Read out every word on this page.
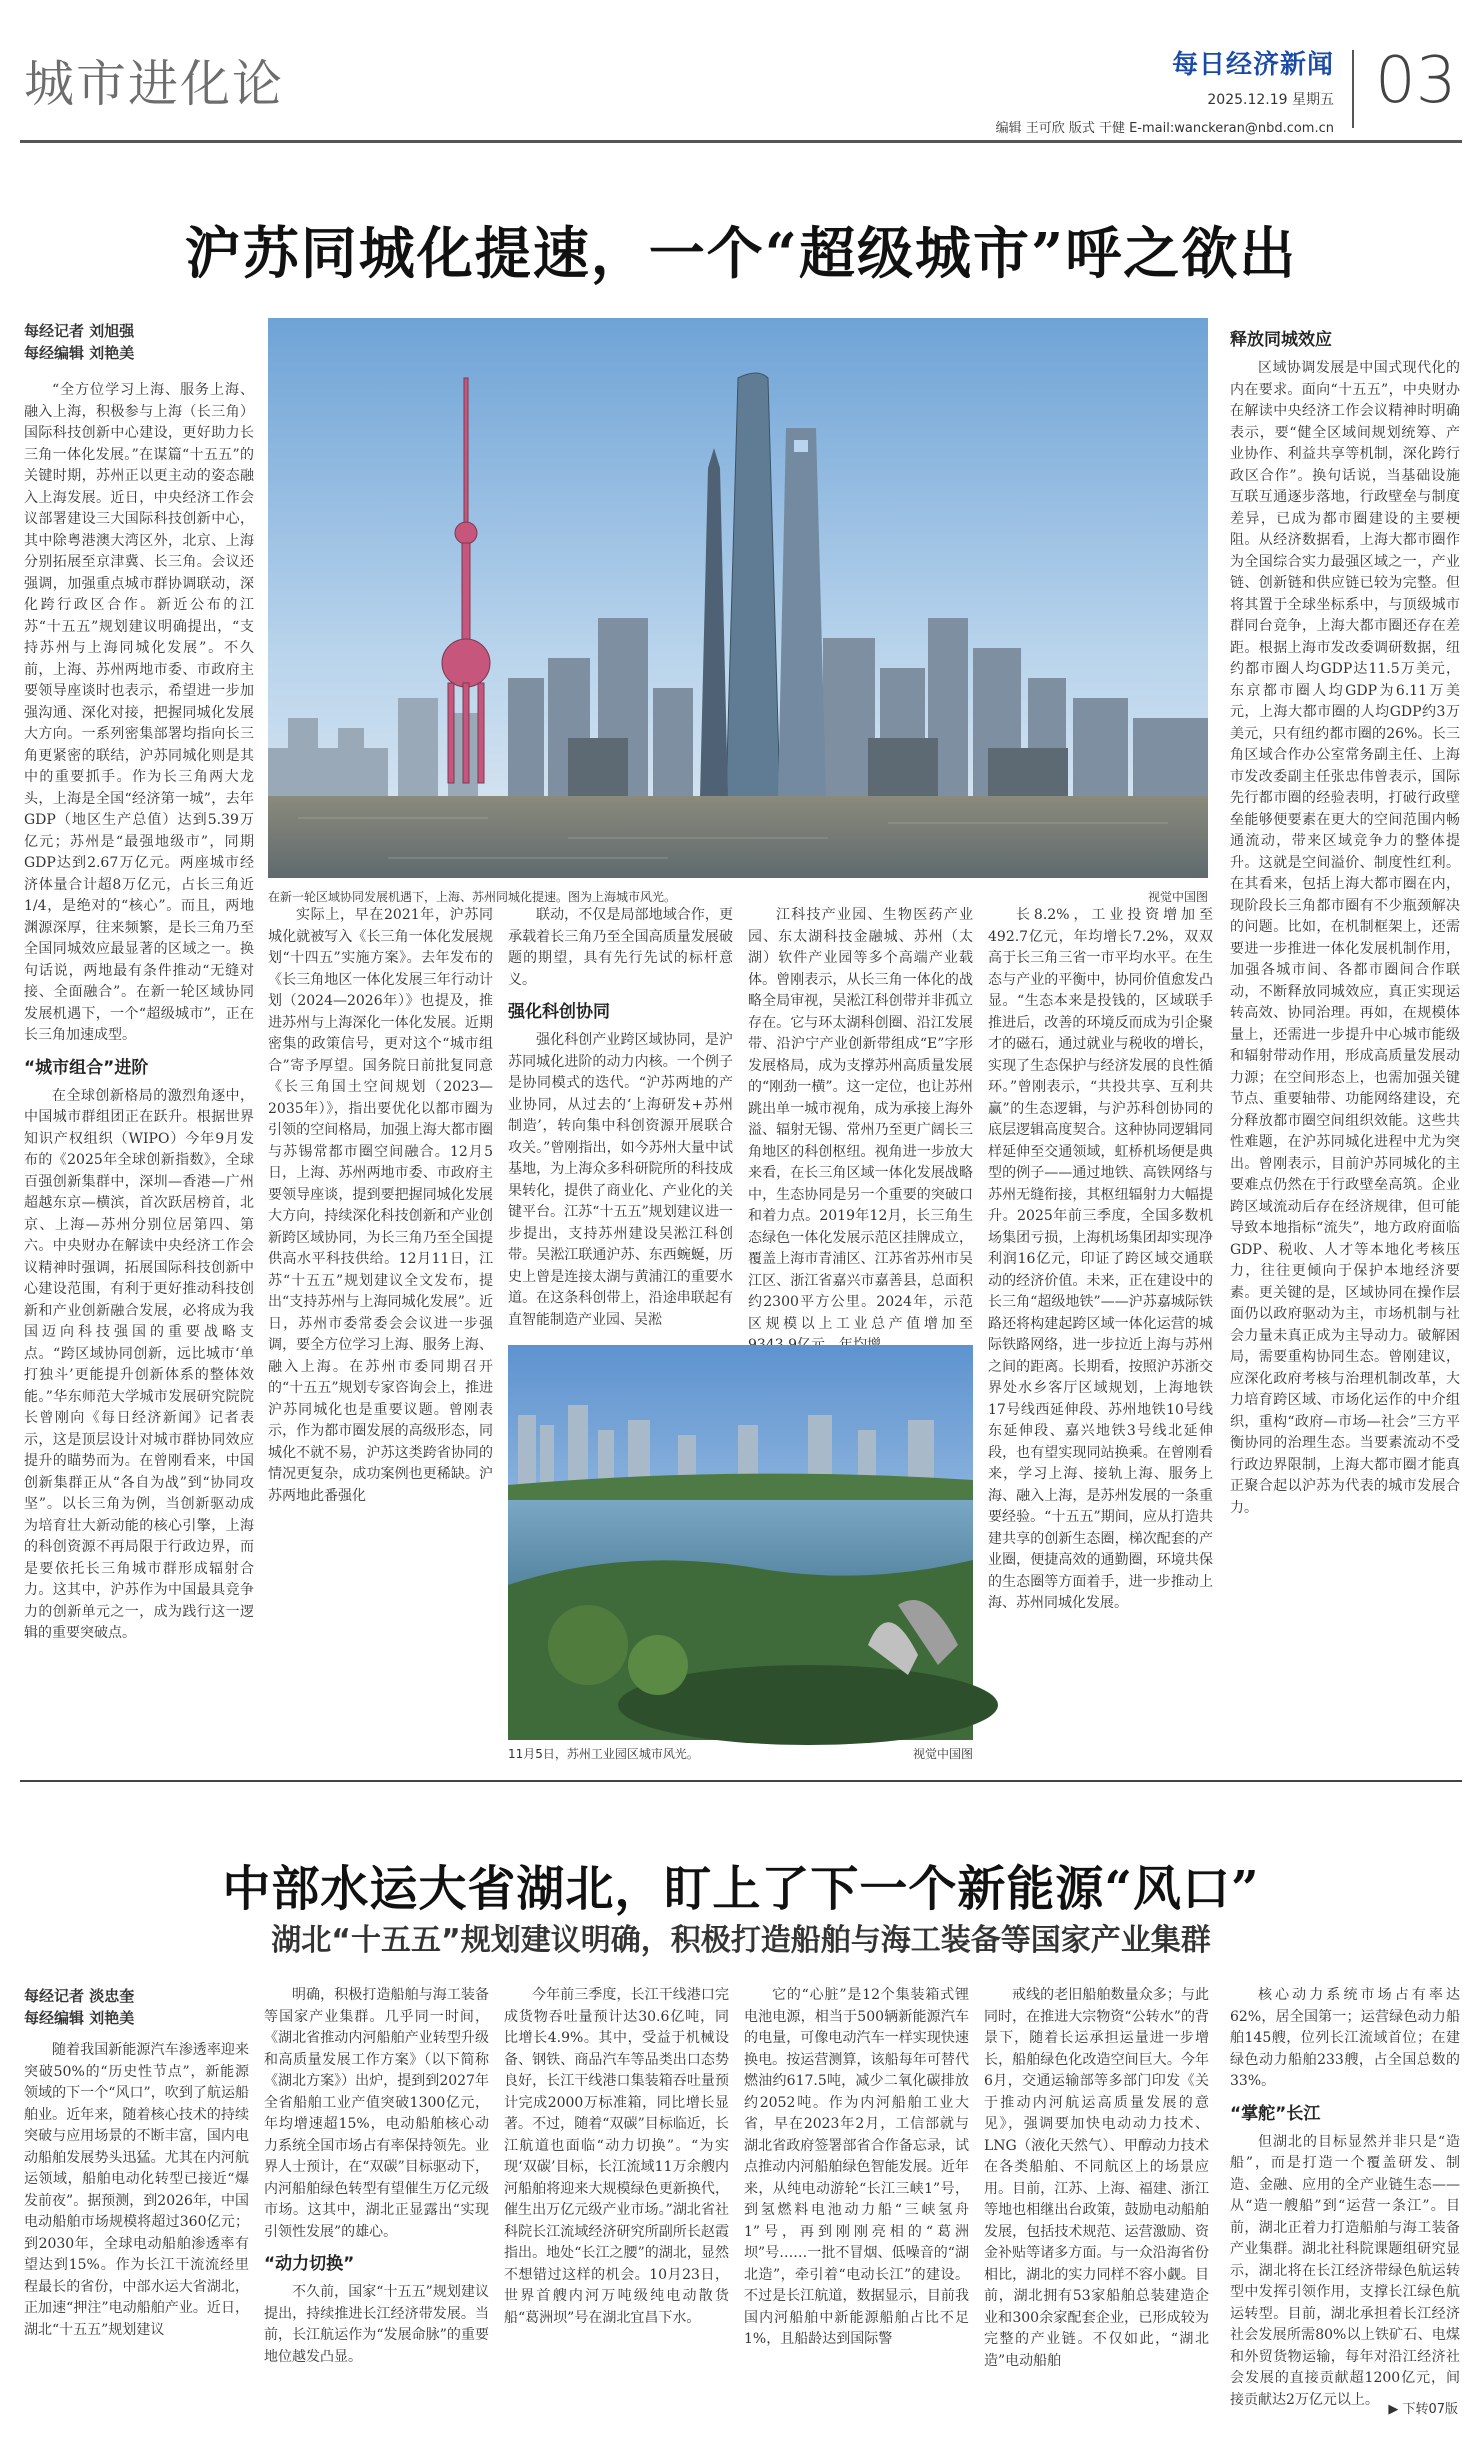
城市进化论	每日经济新闻
2025.12.19 星期五
编辑 王可欣 版式 干健 E-mail:wanckeran@nbd.com.cn
03
沪苏同城化提速，一个“超级城市”呼之欲出
每经记者 刘旭强
每经编辑 刘艳美
在新一轮区域协同发展机遇下，上海、苏州同城化提速。图为上海城市风光。	视觉中国图

“全方位学习上海、服务上海、融入上海，积极参与上海（长三角）国际科技创新中心建设，更好助力长三角一体化发展。”在谋篇“十五五”的关键时期，苏州正以更主动的姿态融入上海发展。近日，中央经济工作会议部署建设三大国际科技创新中心，其中除粤港澳大湾区外，北京、上海分别拓展至京津冀、长三角。会议还强调，加强重点城市群协调联动，深化跨行政区合作。新近公布的江苏“十五五”规划建议明确提出，“支持苏州与上海同城化发展”。不久前，上海、苏州两地市委、市政府主要领导座谈时也表示，希望进一步加强沟通、深化对接，把握同城化发展大方向。一系列密集部署均指向长三角更紧密的联结，沪苏同城化则是其中的重要抓手。作为长三角两大龙头，上海是全国“经济第一城”，去年GDP（地区生产总值）达到5.39万亿元；苏州是“最强地级市”，同期GDP达到2.67万亿元。两座城市经济体量合计超8万亿元，占长三角近1/4，是绝对的“核心”。而且，两地渊源深厚，往来频繁，是长三角乃至全国同城效应最显著的区域之一。换句话说，两地最有条件推动“无缝对接、全面融合”。在新一轮区域协同发展机遇下，一个“超级城市”，正在长三角加速成型。

“城市组合”进阶

在全球创新格局的激烈角逐中，中国城市群组团正在跃升。根据世界知识产权组织（WIPO）今年9月发布的《2025年全球创新指数》，全球百强创新集群中，深圳—香港—广州超越东京—横滨，首次跃居榜首，北京、上海—苏州分别位居第四、第六。中央财办在解读中央经济工作会议精神时强调，拓展国际科技创新中心建设范围，有利于更好推动科技创新和产业创新融合发展，必将成为我国迈向科技强国的重要战略支点。“跨区域协同创新，远比城市‘单打独斗’更能提升创新体系的整体效能。”华东师范大学城市发展研究院院长曾刚向《每日经济新闻》记者表示，这是顶层设计对城市群协同效应提升的瞄势而为。在曾刚看来，中国创新集群正从“各自为战”到“协同攻坚”。以长三角为例，当创新驱动成为培育壮大新动能的核心引擎，上海的科创资源不再局限于行政边界，而是要依托长三角城市群形成辐射合力。这其中，沪苏作为中国最具竞争力的创新单元之一，成为践行这一逻辑的重要突破点。

实际上，早在2021年，沪苏同城化就被写入《长三角一体化发展规划“十四五”实施方案》。去年发布的《长三角地区一体化发展三年行动计划（2024—2026年）》也提及，推进苏州与上海深化一体化发展。近期密集的政策信号，更对这个“城市组合”寄予厚望。国务院日前批复同意《长三角国土空间规划（2023—2035年）》，指出要优化以都市圈为引领的空间格局，加强上海大都市圈与苏锡常都市圈空间融合。12月5日，上海、苏州两地市委、市政府主要领导座谈，提到要把握同城化发展大方向，持续深化科技创新和产业创新跨区域协同，为长三角乃至全国提供高水平科技供给。12月11日，江苏“十五五”规划建议全文发布，提出“支持苏州与上海同城化发展”。近日，苏州市委常委会会议进一步强调，要全方位学习上海、服务上海、融入上海。在苏州市委同期召开的“十五五”规划专家咨询会上，推进沪苏同城化也是重要议题。曾刚表示，作为都市圈发展的高级形态，同城化不就不易，沪苏这类跨省协同的情况更复杂，成功案例也更稀缺。沪苏两地此番强化

联动，不仅是局部地域合作，更承载着长三角乃至全国高质量发展破题的期望，具有先行先试的标杆意义。

强化科创协同

强化科创产业跨区域协同，是沪苏同城化进阶的动力内核。一个例子是协同模式的迭代。“沪苏两地的产业协同，从过去的‘上海研发+苏州制造’，转向集中科创资源开展联合攻关。”曾刚指出，如今苏州大量中试基地，为上海众多科研院所的科技成果转化，提供了商业化、产业化的关键平台。江苏“十五五”规划建议进一步提出，支持苏州建设吴淞江科创带。吴淞江联通沪苏、东西蜿蜒，历史上曾是连接太湖与黄浦江的重要水道。在这条科创带上，沿途串联起有直智能制造产业园、吴淞

江科技产业园、生物医药产业园、东太湖科技金融城、苏州（太湖）软件产业园等多个高端产业载体。曾刚表示，从长三角一体化的战略全局审视，吴淞江科创带并非孤立存在。它与环太湖科创圈、沿江发展带、沿沪宁产业创新带组成“E”字形发展格局，成为支撑苏州高质量发展的“刚劲一横”。这一定位，也让苏州跳出单一城市视角，成为承接上海外溢、辐射无锡、常州乃至更广阔长三角地区的科创枢纽。视角进一步放大来看，在长三角区域一体化发展战略中，生态协同是另一个重要的突破口和着力点。2019年12月，长三角生态绿色一体化发展示范区挂牌成立，覆盖上海市青浦区、江苏省苏州市吴江区、浙江省嘉兴市嘉善县，总面积约2300平方公里。2024年，示范区规模以上工业总产值增加至

11月5日，苏州工业园区城市风光。	视觉中国图

长8.2%，工业投资增加至492.7亿元，年均增长7.2%，双双高于长三角三省一市平均水平。在生态与产业的平衡中，协同价值愈发凸显。“生态本来是投钱的，区域联手推进后，改善的环境反而成为引企聚才的磁石，通过就业与税收的增长，实现了生态保护与经济发展的良性循环。”曾刚表示，“共投共享、互利共赢”的生态逻辑，与沪苏科创协同的底层逻辑高度契合。这种协同逻辑同样延伸至交通领域，虹桥机场便是典型的例子——通过地铁、高铁网络与苏州无缝衔接，其枢纽辐射力大幅提升。2025年前三季度，全国多数机场集团亏损，上海机场集团却实现净利润16亿元，印证了跨区域交通联动的经济价值。未来，正在建设中的长三角“超级地铁”——沪苏嘉城际铁路还将构建起跨区域一体化运营的城际铁路网络，进一步拉近上海与苏州之间的距离。长期看，按照沪苏浙交界处水乡客厅区域规划，上海地铁17号线西延伸段、苏州地铁10号线东延伸段、嘉兴地铁3号线北延伸段，也有望实现同站换乘。在曾刚看来，学习上海、接轨上海、服务上海、融入上海，是苏州发展的一条重要经验。“十五五”期间，应从打造共建共享的创新生态圈，梯次配套的产业圈，便捷高效的通勤圈，环境共保的生态圈等方面着手，进一步推动上海、苏州同城化发展。

释放同城效应

区域协调发展是中国式现代化的内在要求。面向“十五五”，中央财办在解读中央经济工作会议精神时明确表示，要“健全区域间规划统筹、产业协作、利益共享等机制，深化跨行政区合作”。换句话说，当基础设施互联互通逐步落地，行政壁垒与制度差异，已成为都市圈建设的主要梗阻。从经济数据看，上海大都市圈作为全国综合实力最强区域之一，产业链、创新链和供应链已较为完整。但将其置于全球坐标系中，与顶级城市群同台竞争，上海大都市圈还存在差距。根据上海市发改委调研数据，纽约都市圈人均GDP达11.5万美元，东京都市圈人均GDP为6.11万美元，上海大都市圈的人均GDP约3万美元，只有纽约都市圈的26%。长三角区域合作办公室常务副主任、上海市发改委副主任张忠伟曾表示，国际先行都市圈的经验表明，打破行政壁垒能够便要素在更大的空间范围内畅通流动，带来区域竞争力的整体提升。这就是空间溢价、制度性红利。在其看来，包括上海大都市圈在内，现阶段长三角都市圈有不少瓶颈解决的问题。比如，在机制框架上，还需要进一步推进一体化发展机制作用，加强各城市间、各都市圈间合作联动，不断释放同城效应，真正实现运转高效、协同治理。再如，在规模体量上，还需进一步提升中心城市能级和辐射带动作用，形成高质量发展动力源；在空间形态上，也需加强关键节点、重要轴带、功能网络建设，充分释放都市圈空间组织效能。这些共性难题，在沪苏同城化进程中尤为突出。曾刚表示，目前沪苏同城化的主要难点仍然在于行政壁垒高筑。企业跨区域流动后存在经济规律，但可能导致本地指标“流失”，地方政府面临GDP、税收、人才等本地化考核压力，往往更倾向于保护本地经济要素。更关键的是，区域协同在操作层面仍以政府驱动为主，市场机制与社会力量未真正成为主导动力。破解困局，需要重构协同生态。曾刚建议，应深化政府考核与治理机制改革，大力培育跨区域、市场化运作的中介组织，重构“政府—市场—社会”三方平衡协同的治理生态。当要素流动不受行政边界限制，上海大都市圈才能真正聚合起以沪苏为代表的城市发展合力。

中部水运大省湖北，盯上了下一个新能源“风口”
湖北“十五五”规划建议明确，积极打造船舶与海工装备等国家产业集群
每经记者 淡忠奎
每经编辑 刘艳美

随着我国新能源汽车渗透率迎来突破50%的“历史性节点”，新能源领域的下一个“风口”，吹到了航运船舶业。近年来，随着核心技术的持续突破与应用场景的不断丰富，国内电动船舶发展势头迅猛。尤其在内河航运领域，船舶电动化转型已接近“爆发前夜”。据预测，到2026年，中国电动船舶市场规模将超过360亿元；到2030年，全球电动船舶渗透率有望达到15%。作为长江干流流经里程最长的省份，中部水运大省湖北，正加速“押注”电动船舶产业。近日，湖北“十五五”规划建议

明确，积极打造船舶与海工装备等国家产业集群。几乎同一时间，《湖北省推动内河船舶产业转型升级和高质量发展工作方案》（以下简称《湖北方案》）出炉，提到到2027年全省船舶工业产值突破1300亿元，年均增速超15%，电动船舶核心动力系统全国市场占有率保持领先。业界人士预计，在“双碳”目标驱动下，内河船舶绿色转型有望催生万亿元级市场。这其中，湖北正显露出“实现引领性发展”的雄心。

“动力切换”

不久前，国家“十五五”规划建议提出，持续推进长江经济带发展。当前，长江航运作为“发展命脉”的重要地位越发凸显。

今年前三季度，长江干线港口完成货物吞吐量预计达30.6亿吨，同比增长4.9%。其中，受益于机械设备、钢铁、商品汽车等品类出口态势良好，长江干线港口集装箱吞吐量预计完成2000万标准箱，同比增长显著。不过，随着“双碳”目标临近，长江航道也面临“动力切换”。“为实现‘双碳’目标，长江流域11万余艘内河船舶将迎来大规模绿色更新换代，催生出万亿元级产业市场。”湖北省社科院长江流域经济研究所副所长赵霞指出。地处“长江之腰”的湖北，显然不想错过这样的机会。10月23日，世界首艘内河万吨级纯电动散货船“葛洲坝”号在湖北宜昌下水。

它的“心脏”是12个集装箱式锂电池电源，相当于500辆新能源汽车的电量，可像电动汽车一样实现快速换电。按运营测算，该船每年可替代燃油约617.5吨，减少二氧化碳排放约2052吨。作为内河船舶工业大省，早在2023年2月，工信部就与湖北省政府签署部省合作备忘录，试点推动内河船舶绿色智能发展。近年来，从纯电动游轮“长江三峡1”号，到氢燃料电池动力船“三峡氢舟1”号，再到刚刚亮相的“葛洲坝”号……一批不冒烟、低噪音的“湖北造”，牵引着“电动长江”的建设。不过是长江航道，数据显示，目前我国内河船舶中新能源船舶占比不足1%，且船龄达到国际警

戒线的老旧船舶数量众多；与此同时，在推进大宗物资“公转水”的背景下，随着长运承担运量进一步增长，船舶绿色化改造空间巨大。今年6月，交通运输部等多部门印发《关于推动内河航运高质量发展的意见》，强调要加快电动动力技术、LNG（液化天然气）、甲醇动力技术在各类船舶、不同航区上的场景应用。目前，江苏、上海、福建、浙江等地也相继出台政策，鼓励电动船舶发展，包括技术规范、运营激励、资金补贴等诸多方面。与一众沿海省份相比，湖北的实力同样不容小觑。目前，湖北拥有53家船舶总装建造企业和300余家配套企业，已形成较为完整的产业链。不仅如此，“湖北造”电动船舶

核心动力系统市场占有率达62%，居全国第一；运营绿色动力船舶145艘，位列长江流域首位；在建绿色动力船舶233艘，占全国总数的33%。

“掌舵”长江

但湖北的目标显然并非只是“造船”，而是打造一个覆盖研发、制造、金融、应用的全产业链生态——从“造一艘船”到“运营一条江”。目前，湖北正着力打造船舶与海工装备产业集群。湖北社科院课题组研究显示，湖北将在长江经济带绿色航运转型中发挥引领作用，支撑长江绿色航运转型。目前，湖北承担着长江经济社会发展所需80%以上铁矿石、电煤和外贸货物运输，每年对沿江经济社会发展的直接贡献超1200亿元，间接贡献达2万亿元以上。

▶ 下转07版
